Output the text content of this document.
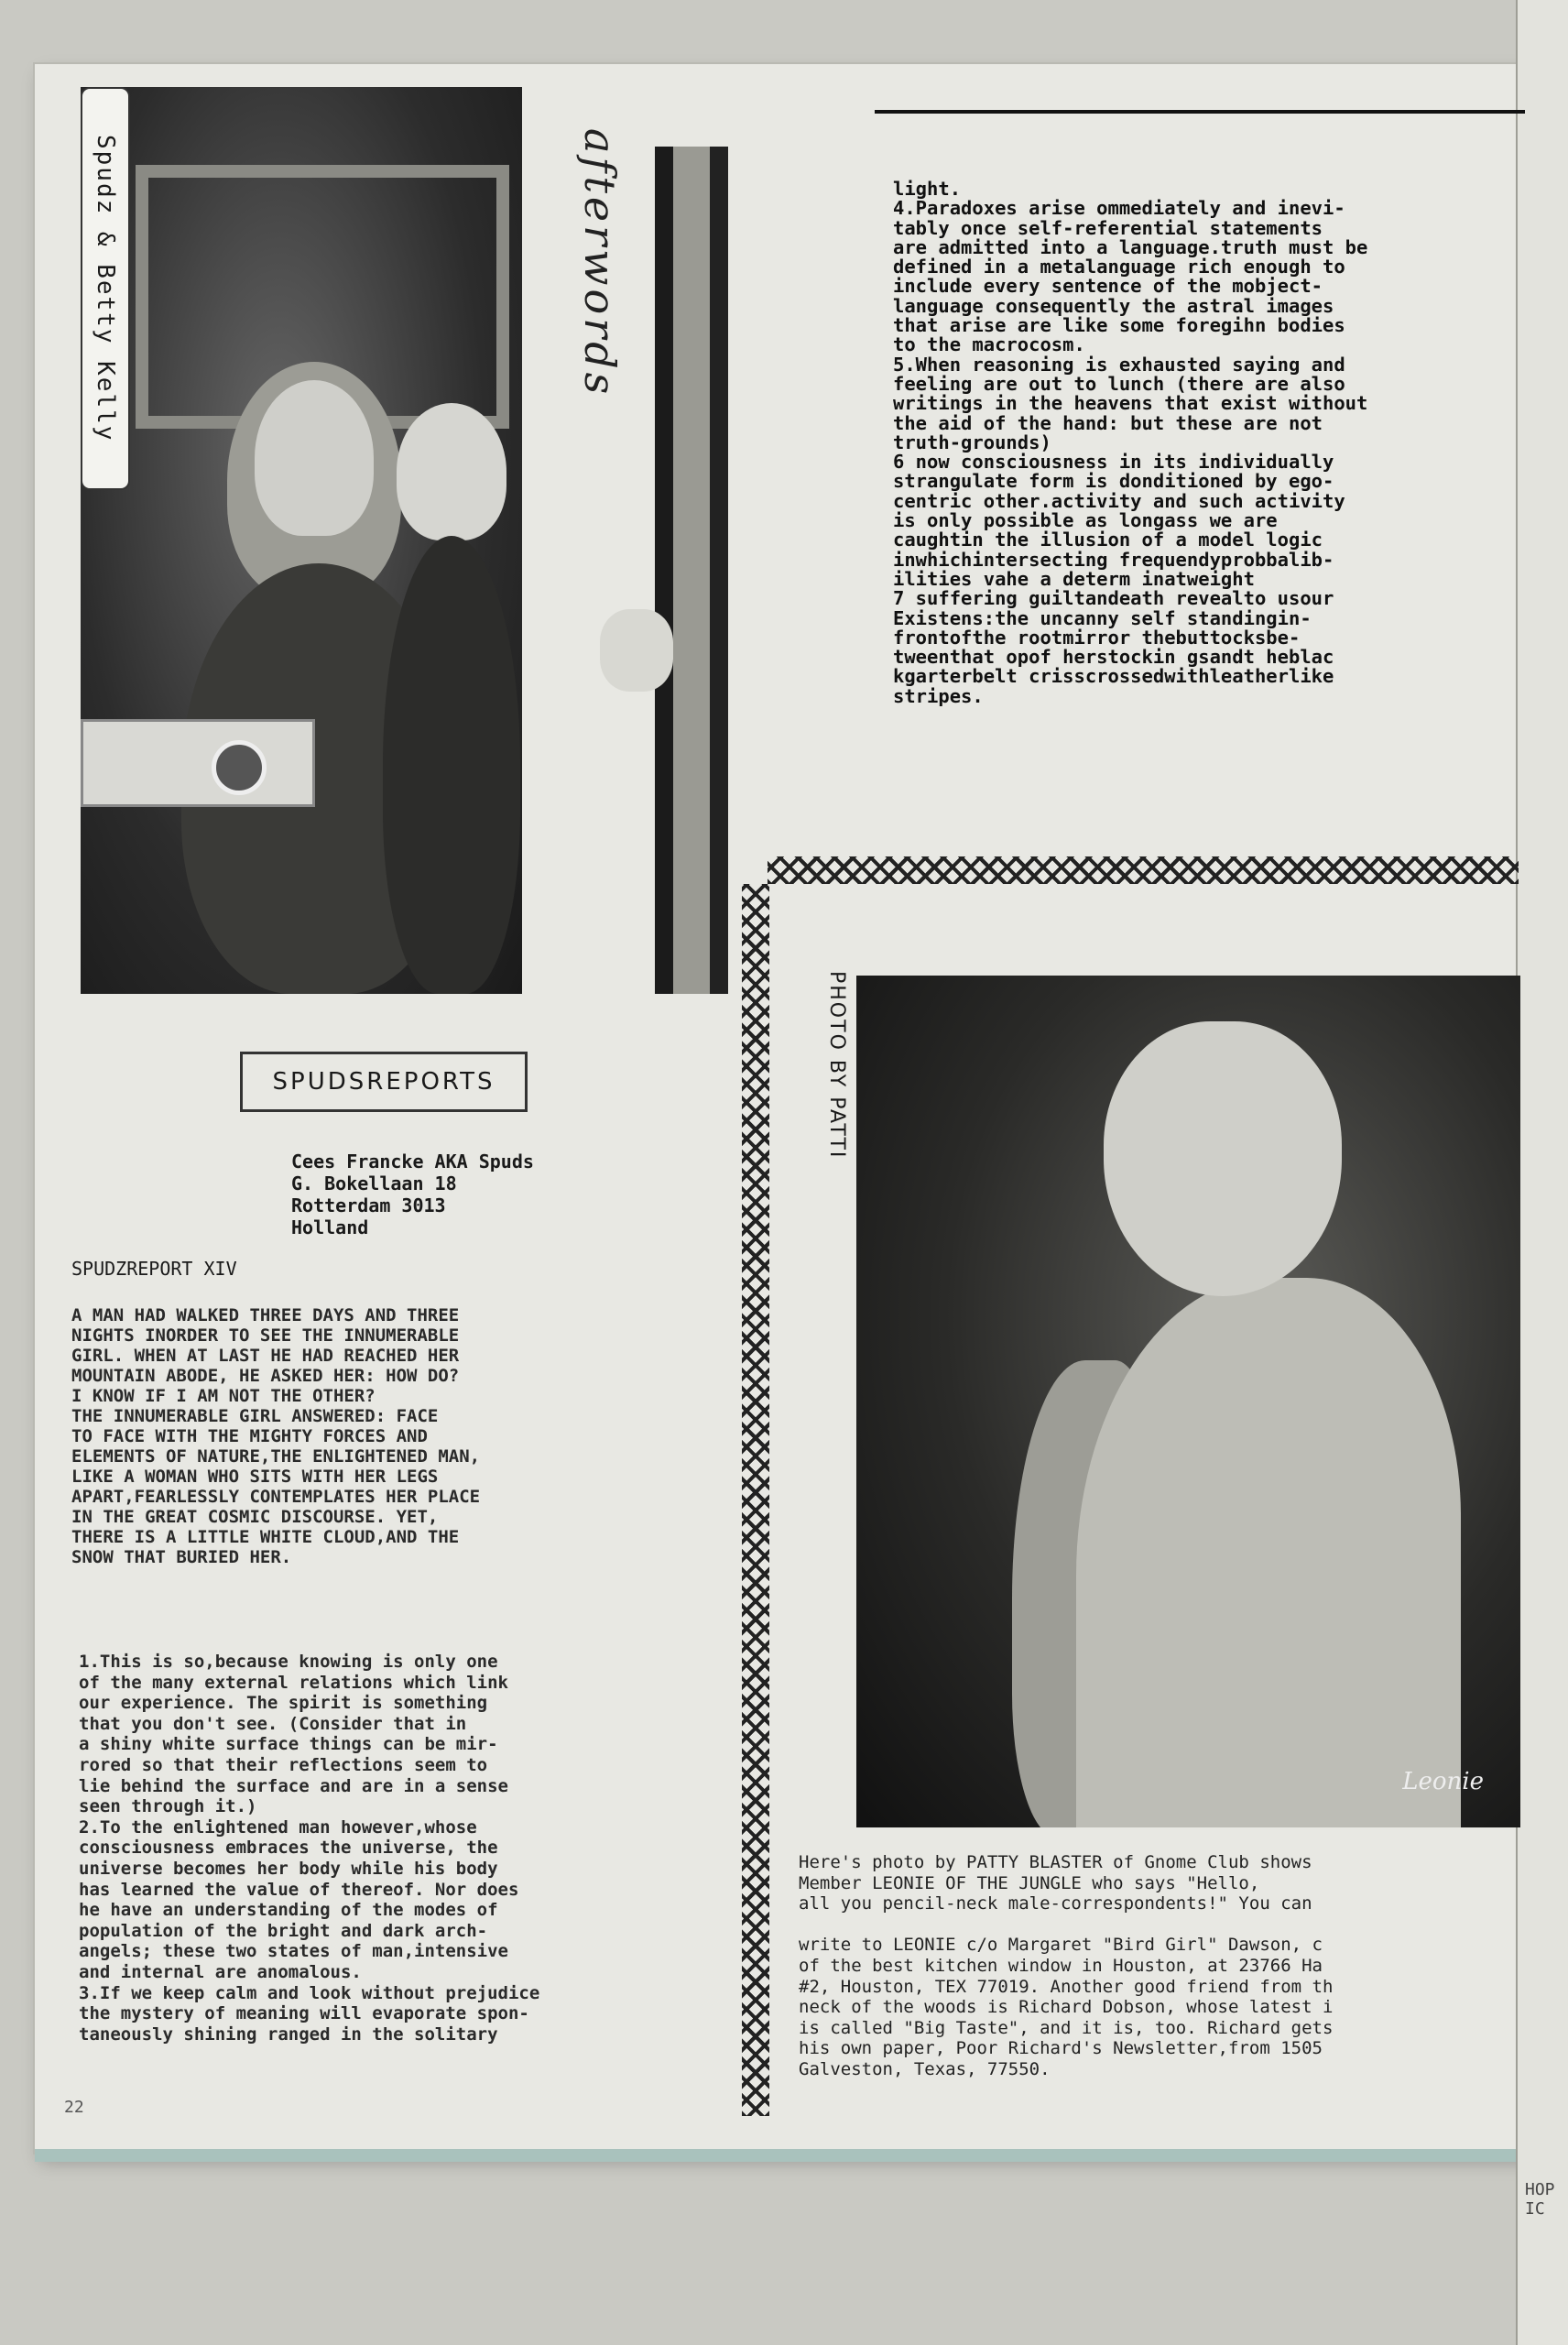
HOP IC
Spudz & Betty Kelly	afterwords
SPUDSREPORTS
Cees Francke AKA Spuds
G. Bokellaan 18
Rotterdam 3013
Holland
SPUDZREPORT XIV
A MAN HAD WALKED THREE DAYS AND THREE
NIGHTS INORDER TO SEE THE INNUMERABLE
GIRL. WHEN AT LAST HE HAD REACHED HER
MOUNTAIN ABODE, HE ASKED HER: HOW DO?
I KNOW IF I AM NOT THE OTHER?
THE INNUMERABLE GIRL ANSWERED: FACE
TO FACE WITH THE MIGHTY FORCES AND
ELEMENTS OF NATURE,THE ENLIGHTENED MAN,
LIKE A WOMAN WHO SITS WITH HER LEGS
APART,FEARLESSLY CONTEMPLATES HER PLACE
IN THE GREAT COSMIC DISCOURSE. YET,
THERE IS A LITTLE WHITE CLOUD,AND THE
SNOW THAT BURIED HER.
1.This is so,because knowing is only one
of the many external relations which link
our experience. The spirit is something
that you don't see. (Consider that in
a shiny white surface things can be mir-
rored so that their reflections seem to
lie behind the surface and are in a sense
seen through it.)
2.To the enlightened man however,whose
consciousness embraces the universe, the
universe becomes her body while his body
has learned the value of thereof. Nor does
he have an understanding of the modes of
population of the bright and dark arch-
angels; these two states of man,intensive
and internal are anomalous.
3.If we keep calm and look without prejudice
the mystery of meaning will evaporate spon-
taneously shining ranged in the solitary
22
light.
4.Paradoxes arise ommediately and inevi-
tably once self-referential statements
are admitted into a language.truth must be
defined in a metalanguage rich enough to
include every sentence of the mobject-
language consequently the astral images
that arise are like some foregihn bodies
to the macrocosm.
5.When reasoning is exhausted saying and
feeling are out to lunch (there are also
writings in the heavens that exist without
the aid of the hand: but these are not
truth-grounds)
6 now consciousness in its individually
strangulate form is donditioned by ego-
centric other.activity and such activity
is only possible as longass we are
caughtin the illusion of a model logic
inwhichintersecting frequendyprobbalib-
ilities vahe a determ inatweight
7 suffering guiltandeath revealto usour
Existens:the uncanny self standingin-
frontofthe rootmirror thebuttocksbe-
tweenthat opof herstockin gsandt heblac
kgarterbelt crisscrossedwithleatherlike
stripes.
PHOTO BY PATTI
Leonie
Here's photo by PATTY BLASTER of Gnome Club shows
Member LEONIE OF THE JUNGLE who says "Hello,
all you pencil-neck male-correspondents!" You can

write to LEONIE c/o Margaret "Bird Girl" Dawson, c
of the best kitchen window in Houston, at 23766 Ha
#2, Houston, TEX 77019. Another good friend from th
neck of the woods is Richard Dobson, whose latest i
is called "Big Taste", and it is, too. Richard gets
his own paper, Poor Richard's Newsletter,from 1505
Galveston, Texas, 77550.
